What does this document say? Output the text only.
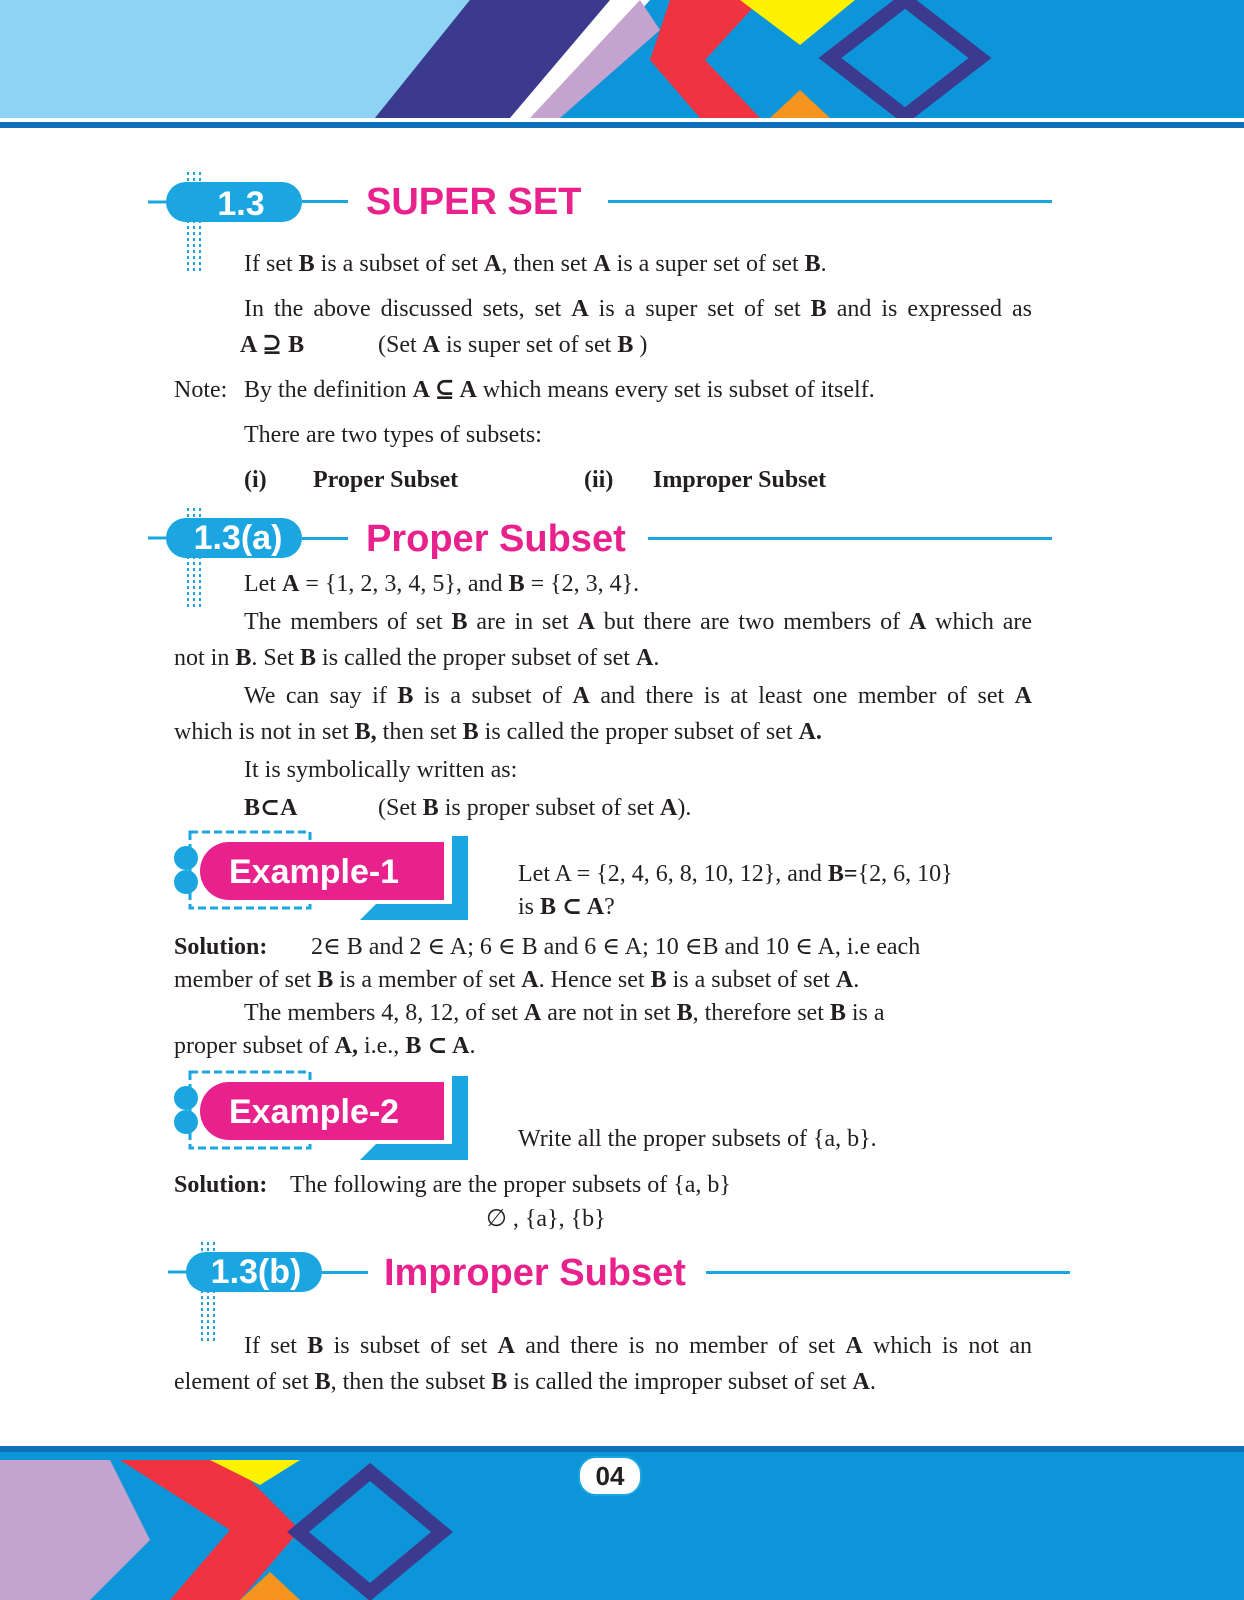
1.3	SUPER SET
If set B is a subset of set A, then set A is a super set of set B.
In the above discussed sets, set A is a super set of set B and is expressed as
A ⊇ B	(Set A is super set of set B )
Note: By the definition A ⊆ A which means every set is subset of itself.
There are two types of subsets:
(i) Proper Subset	(ii) Improper Subset
1.3(a)	Proper Subset
Let A = {1, 2, 3, 4, 5}, and B = {2, 3, 4}.
The members of set B are in set A but there are two members of A which are
not in B. Set B is called the proper subset of set A.
We can say if B is a subset of A and there is at least one member of set A
which is not in set B, then set B is called the proper subset of set A.
It is symbolically written as:
B⊂A	(Set B is proper subset of set A).
Example-1	Let A = {2, 4, 6, 8, 10, 12}, and B={2, 6, 10}
is B ⊂ A?
Solution: 2∈ B and 2 ∈ A; 6 ∈ B and 6 ∈ A; 10 ∈B and 10 ∈ A, i.e each
member of set B is a member of set A. Hence set B is a subset of set A.
The members 4, 8, 12, of set A are not in set B, therefore set B is a
proper subset of A, i.e., B ⊂ A.
Example-2
Write all the proper subsets of {a, b}.
Solution: The following are the proper subsets of {a, b}
∅ , {a}, {b}
1.3(b)	Improper Subset
If set B is subset of set A and there is no member of set A which is not an
element of set B, then the subset B is called the improper subset of set A.
04
